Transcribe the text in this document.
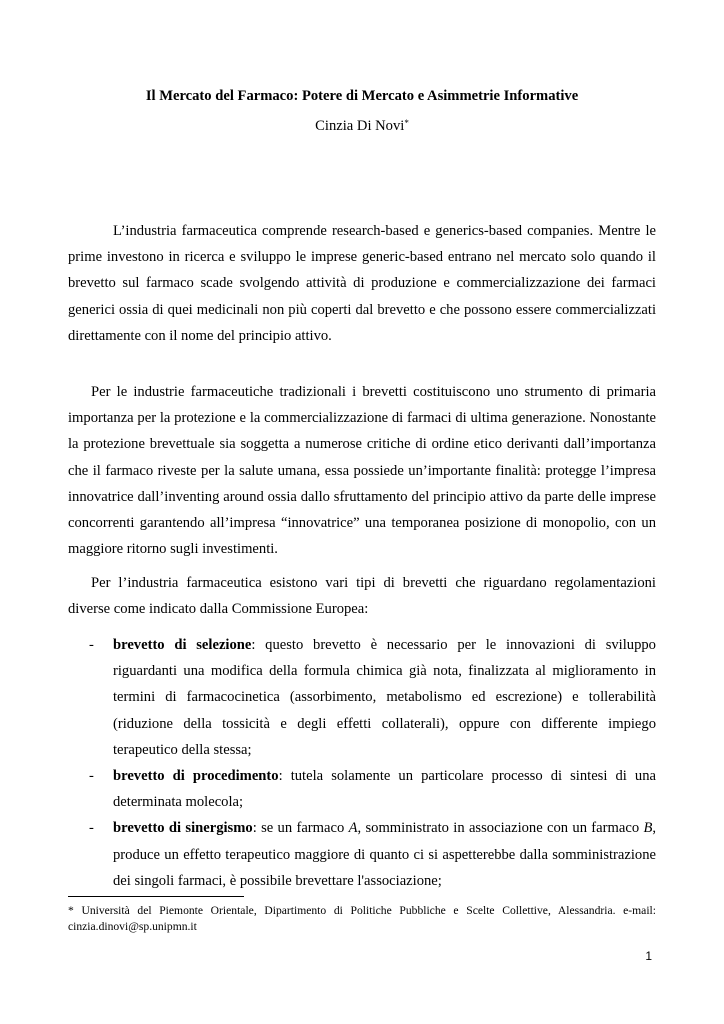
Il Mercato del Farmaco: Potere di Mercato e Asimmetrie Informative
Cinzia Di Novi*

L’industria farmaceutica comprende research-based e generics-based companies. Mentre le prime investono in ricerca e sviluppo le imprese generic-based entrano nel mercato solo quando il brevetto sul farmaco scade svolgendo attività di produzione e commercializzazione dei farmaci generici ossia di quei medicinali non più coperti dal brevetto e che possono essere commercializzati direttamente con il nome del principio attivo.

Per le industrie farmaceutiche tradizionali i brevetti costituiscono uno strumento di primaria importanza per la protezione e la commercializzazione di farmaci di ultima generazione. Nonostante la protezione brevettuale sia soggetta a numerose critiche di ordine etico derivanti dall’importanza che il farmaco riveste per la salute umana, essa possiede un’importante finalità: protegge l’impresa innovatrice dall’inventing around ossia dallo sfruttamento del principio attivo da parte delle imprese concorrenti garantendo all’impresa “innovatrice” una temporanea posizione di monopolio, con un maggiore ritorno sugli investimenti.

Per l’industria farmaceutica esistono vari tipi di brevetti che riguardano regolamentazioni diverse come indicato dalla Commissione Europea:

- brevetto di selezione: questo brevetto è necessario per le innovazioni di sviluppo riguardanti una modifica della formula chimica già nota, finalizzata al miglioramento in termini di farmacocinetica (assorbimento, metabolismo ed escrezione) e tollerabilità (riduzione della tossicità e degli effetti collaterali), oppure con differente impiego terapeutico della stessa;
- brevetto di procedimento: tutela solamente un particolare processo di sintesi di una determinata molecola;
- brevetto di sinergismo: se un farmaco A, somministrato in associazione con un farmaco B, produce un effetto terapeutico maggiore di quanto ci si aspetterebbe dalla somministrazione dei singoli farmaci, è possibile brevettare l'associazione;
* Università del Piemonte Orientale, Dipartimento di Politiche Pubbliche e Scelte Collettive, Alessandria. e-mail: cinzia.dinovi@sp.unipmn.it
1
